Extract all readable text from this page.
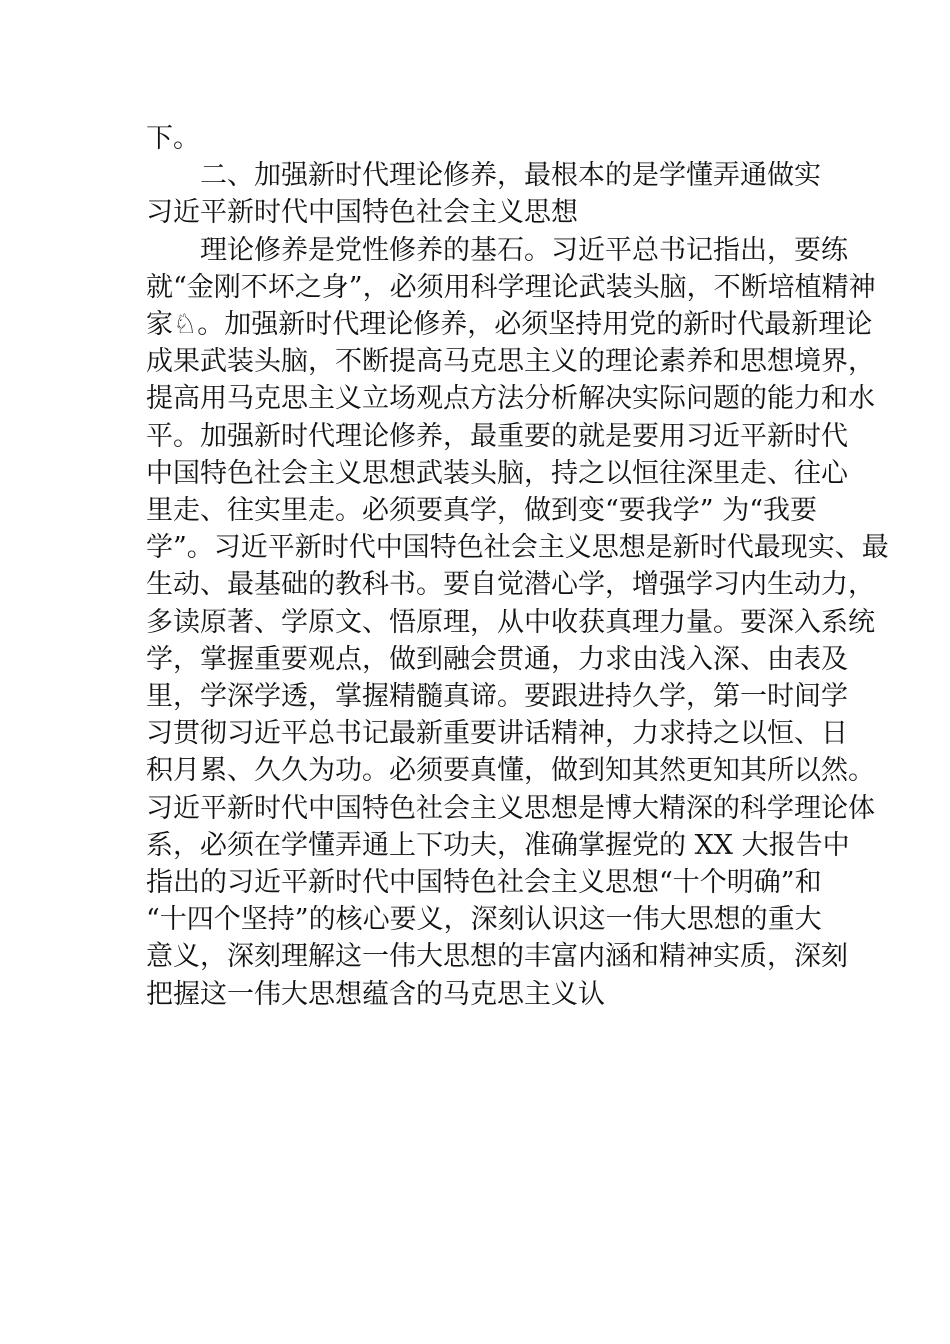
下。

二、加强新时代理论修养，最根本的是学懂弄通做实
习近平新时代中国特色社会主义思想

理论修养是党性修养的基石。习近平总书记指出，要练
就“金刚不坏之身”，必须用科学理论武装头脑，不断培植精神
家♘。加强新时代理论修养，必须坚持用党的新时代最新理论
成果武装头脑，不断提高马克思主义的理论素养和思想境界，
提高用马克思主义立场观点方法分析解决实际问题的能力和水
平。加强新时代理论修养，最重要的就是要用习近平新时代
中国特色社会主义思想武装头脑，持之以恒往深里走、往心
里走、往实里走。必须要真学，做到变“要我学” 为“我要
学”。习近平新时代中国特色社会主义思想是新时代最现实、最
生动、最基础的教科书。要自觉潜心学，增强学习内生动力，
多读原著、学原文、悟原理，从中收获真理力量。要深入系统
学，掌握重要观点，做到融会贯通，力求由浅入深、由表及
里，学深学透，掌握精髓真谛。要跟进持久学，第一时间学
习贯彻习近平总书记最新重要讲话精神，力求持之以恒、日
积月累、久久为功。必须要真懂，做到知其然更知其所以然。
习近平新时代中国特色社会主义思想是博大精深的科学理论体
系，必须在学懂弄通上下功夫，准确掌握党的 XX 大报告中
指出的习近平新时代中国特色社会主义思想“十个明确”和
“十四个坚持”的核心要义，深刻认识这一伟大思想的重大
意义，深刻理解这一伟大思想的丰富内涵和精神实质，深刻
把握这一伟大思想蕴含的马克思主义认
